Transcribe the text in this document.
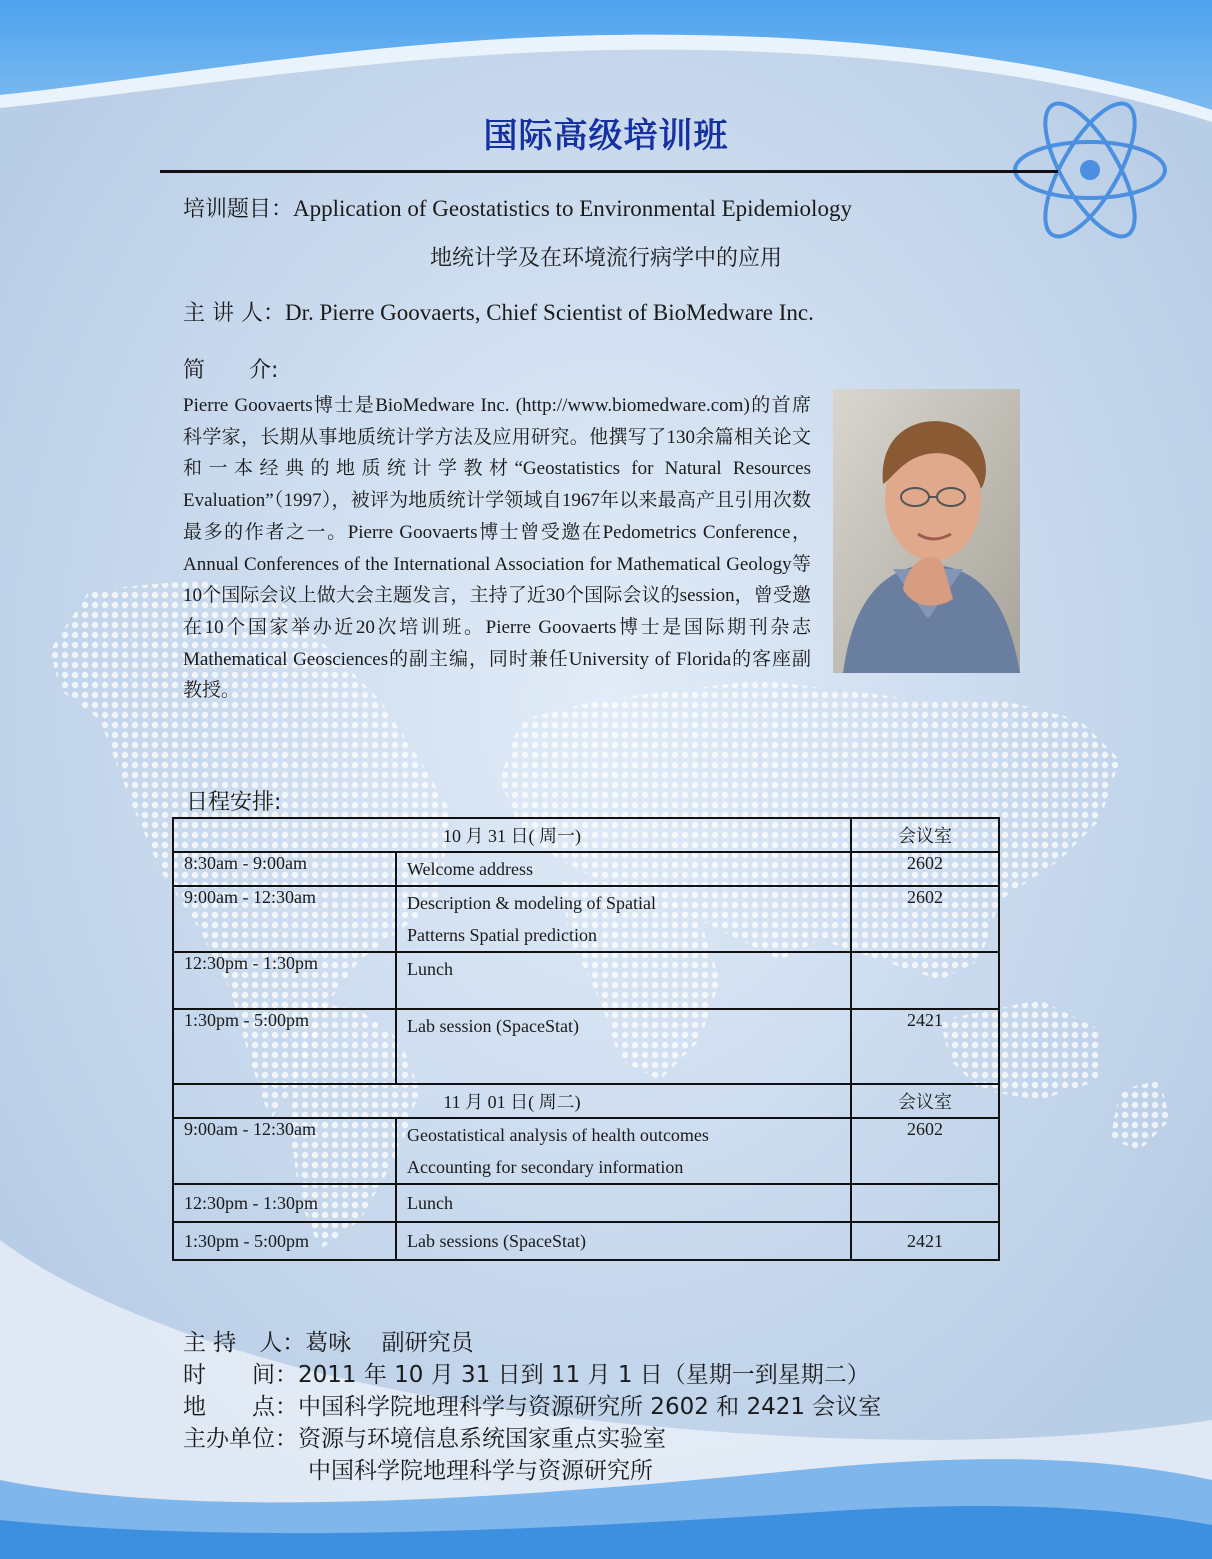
国际高级培训班
培训题目：Application of Geostatistics to Environmental Epidemiology
地统计学及在环境流行病学中的应用
主 讲 人：Dr. Pierre Goovaerts, Chief Scientist of BioMedware Inc.
简　　介:
Pierre Goovaerts博士是BioMedware Inc. (http://www.biomedware.com)的首席科学家，长期从事地质统计学方法及应用研究。他撰写了130余篇相关论文和一本经典的地质统计学教材“Geostatistics for Natural Resources Evaluation”（1997），被评为地质统计学领域自1967年以来最高产且引用次数最多的作者之一。Pierre Goovaerts博士曾受邀在Pedometrics Conference，Annual Conferences of the International Association for Mathematical Geology等10个国际会议上做大会主题发言，主持了近30个国际会议的session，曾受邀在10个国家举办近20次培训班。Pierre Goovaerts博士是国际期刊杂志Mathematical Geosciences的副主编，同时兼任University of Florida的客座副教授。
日程安排:
10 月 31 日( 周一)		会议室
8:30am - 9:00am	Welcome address	2602
9:00am - 12:30am	Description & modeling of Spatial
Patterns Spatial prediction	2602
12:30pm - 1:30pm	Lunch	

1:30pm - 5:00pm	Lab session (SpaceStat)	2421
11 月 01 日( 周二)		会议室
9:00am - 12:30am	Geostatistical analysis of health outcomes
Accounting for secondary information	2602
12:30pm - 1:30pm	Lunch	

1:30pm - 5:00pm	Lab sessions (SpaceStat)	2421
主 持　人：葛咏　 副研究员
时　　间：2011 年 10 月 31 日到 11 月 1 日（星期一到星期二）
地　　点：中国科学院地理科学与资源研究所 2602 和 2421 会议室
主办单位：资源与环境信息系统国家重点实验室
中国科学院地理科学与资源研究所
